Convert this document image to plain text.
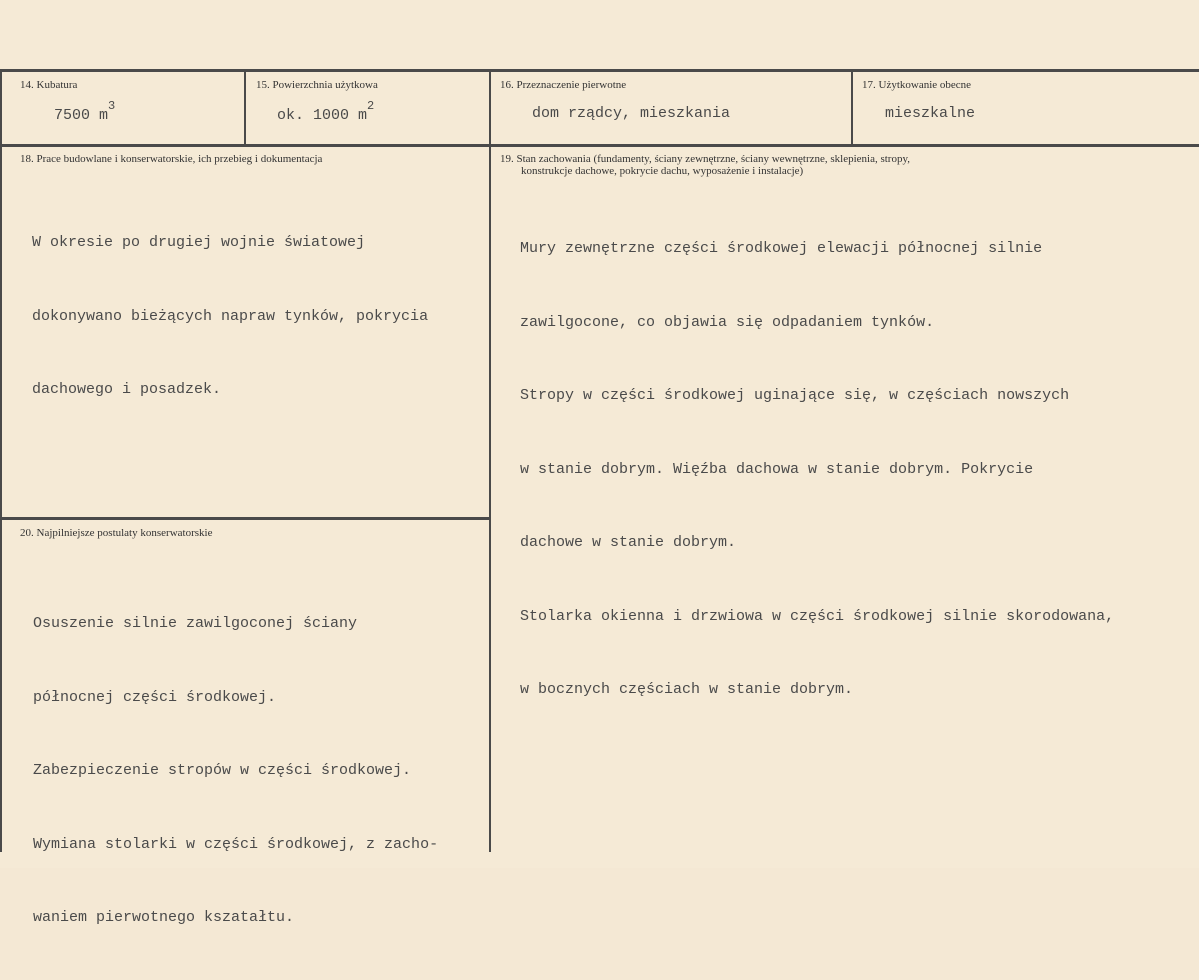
14. Kubatura
7500 $m^3$
15. Powierzchnia użytkowa
ok. 1000 $m^2$
16. Przeznaczenie pierwotne
dom rządcy, mieszkania
17. Użytkowanie obecne
mieszkalne
18. Prace budowlane i konserwatorskie, ich przebieg i dokumentacja

W okresie po drugiej wojnie światowej

dokonywano bieżących napraw tynków, pokrycia

dachowego i posadzek.

19. Stan zachowania (fundamenty, ściany zewnętrzne, ściany wewnętrzne, sklepienia, stropy,
konstrukcje dachowe, pokrycie dachu, wyposażenie i instalacje)

Mury zewnętrzne części środkowej elewacji północnej silnie

zawilgocone, co objawia się odpadaniem tynków.

Stropy w części środkowej uginające się, w częściach nowszych

w stanie dobrym. Więźba dachowa w stanie dobrym. Pokrycie

dachowe w stanie dobrym.

Stolarka okienna i drzwiowa w części środkowej silnie skorodowana,

w bocznych częściach w stanie dobrym.

20. Najpilniejsze postulaty konserwatorskie

Osuszenie silnie zawilgoconej ściany

północnej części środkowej.

Zabezpieczenie stropów w części środkowej.

Wymiana stolarki w części środkowej, z zacho-

waniem pierwotnego kszatałtu.
